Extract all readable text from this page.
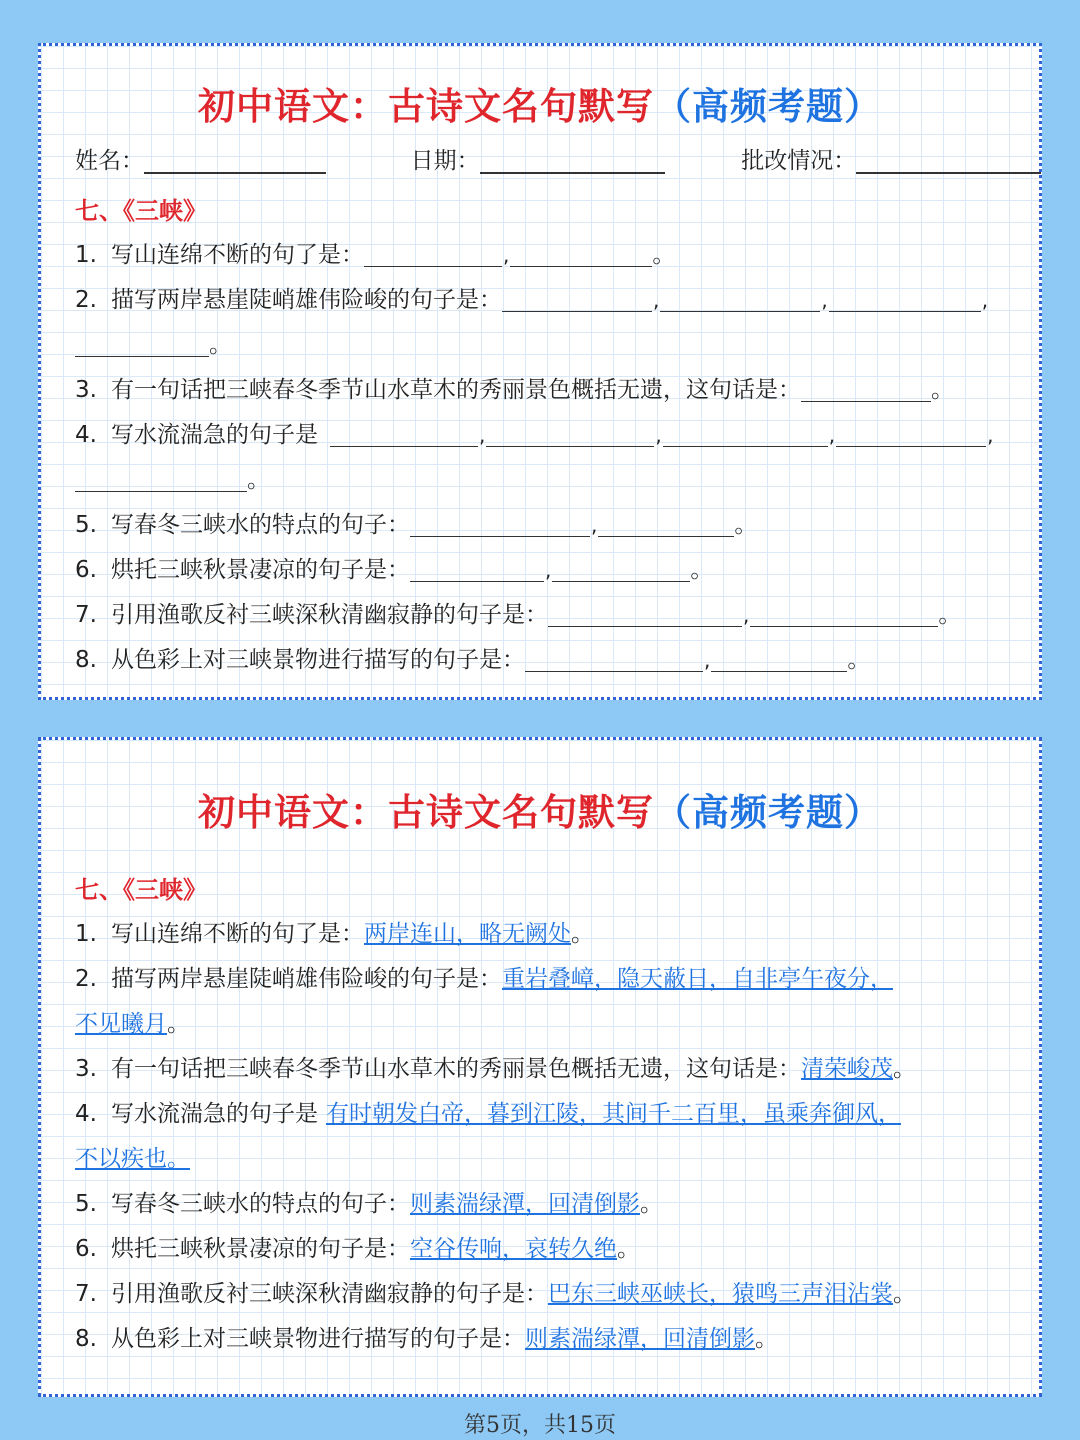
初中语文：古诗文名句默写（高频考题）
姓名：	日期：	批改情况：
七、《三峡》
1. 写山连绵不断的句了是：	,	。
2. 描写两岸悬崖陡峭雄伟险峻的句子是：	,	,	,
。
3. 有一句话把三峡春冬季节山水草木的秀丽景色概括无遗，这句话是：	。
4. 写水流湍急的句子是	,	,	,	,
。
5. 写春冬三峡水的特点的句子：	,	。
6. 烘托三峡秋景凄凉的句子是：	,	。
7. 引用渔歌反衬三峡深秋清幽寂静的句子是：	,	。
8. 从色彩上对三峡景物进行描写的句子是：	,	。
初中语文：古诗文名句默写（高频考题）
七、《三峡》
1. 写山连绵不断的句了是：两岸连山，略无阙处。
2. 描写两岸悬崖陡峭雄伟险峻的句子是：重岩叠嶂，隐天蔽日，自非亭午夜分，
不见曦月。
3. 有一句话把三峡春冬季节山水草木的秀丽景色概括无遗，这句话是：清荣峻茂。
4. 写水流湍急的句子是 有时朝发白帝，暮到江陵，其间千二百里，虽乘奔御风，
不以疾也。
5. 写春冬三峡水的特点的句子：则素湍绿潭，回清倒影。
6. 烘托三峡秋景凄凉的句子是：空谷传响，哀转久绝。
7. 引用渔歌反衬三峡深秋清幽寂静的句子是：巴东三峡巫峡长，猿鸣三声泪沾裳。
8. 从色彩上对三峡景物进行描写的句子是：则素湍绿潭，回清倒影。
第5页，共15页
